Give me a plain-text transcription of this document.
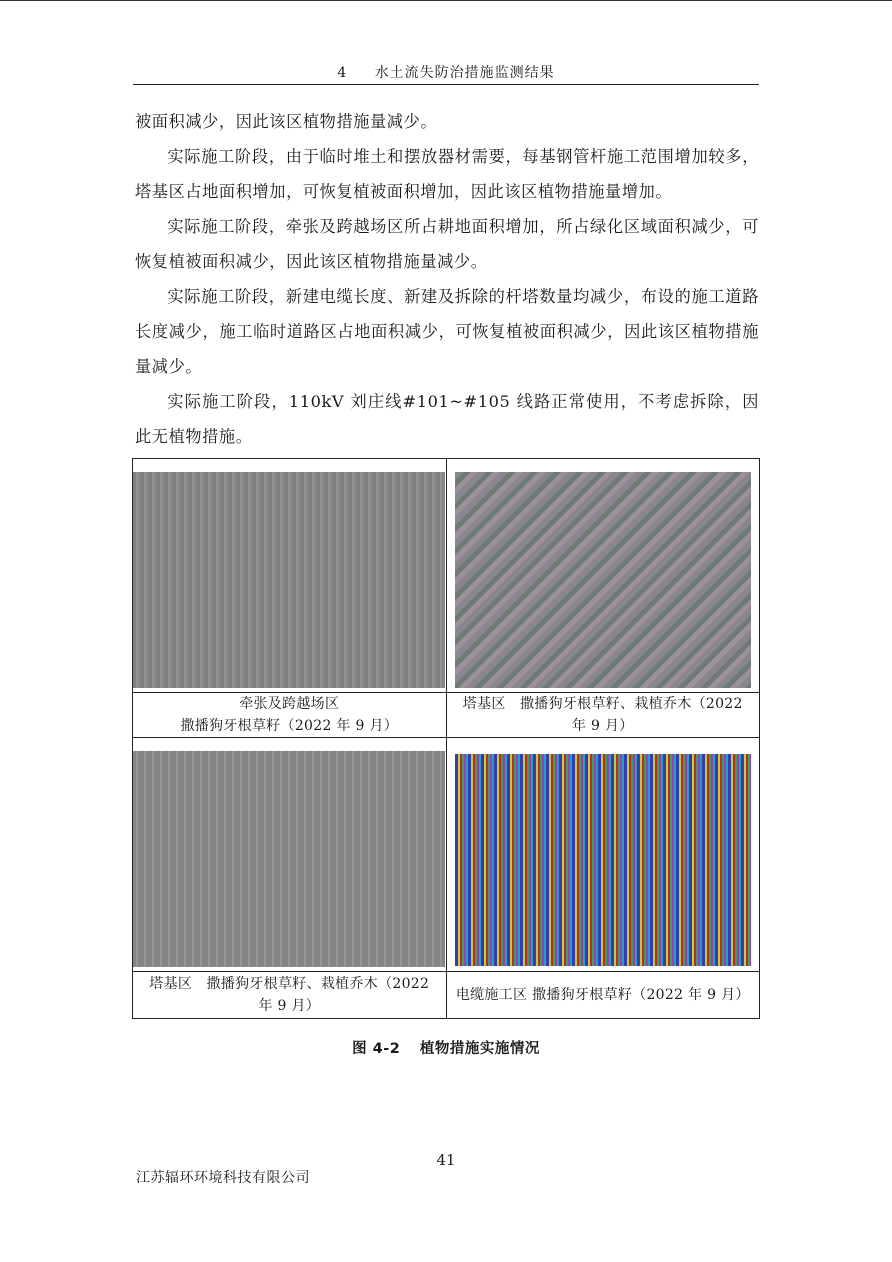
4 水土流失防治措施监测结果

被面积减少，因此该区植物措施量减少。

实际施工阶段，由于临时堆土和摆放器材需要，每基钢管杆施工范围增加较多，塔基区占地面积增加，可恢复植被面积增加，因此该区植物措施量增加。

实际施工阶段，牵张及跨越场区所占耕地面积增加，所占绿化区域面积减少，可恢复植被面积减少，因此该区植物措施量减少。

实际施工阶段，新建电缆长度、新建及拆除的杆塔数量均减少，布设的施工道路长度减少，施工临时道路区占地面积减少，可恢复植被面积减少，因此该区植物措施量减少。

实际施工阶段，110kV 刘庄线#101~#105 线路正常使用，不考虑拆除，因此无植物措施。

牵张及跨越场区
撒播狗牙根草籽（2022 年 9 月）	塔基区　撒播狗牙根草籽、栽植乔木（2022
年 9 月）

塔基区　撒播狗牙根草籽、栽植乔木（2022
年 9 月）	电缆施工区 撒播狗牙根草籽（2022 年 9 月）
图 4-2 植物措施实施情况
41
江苏辐环环境科技有限公司
